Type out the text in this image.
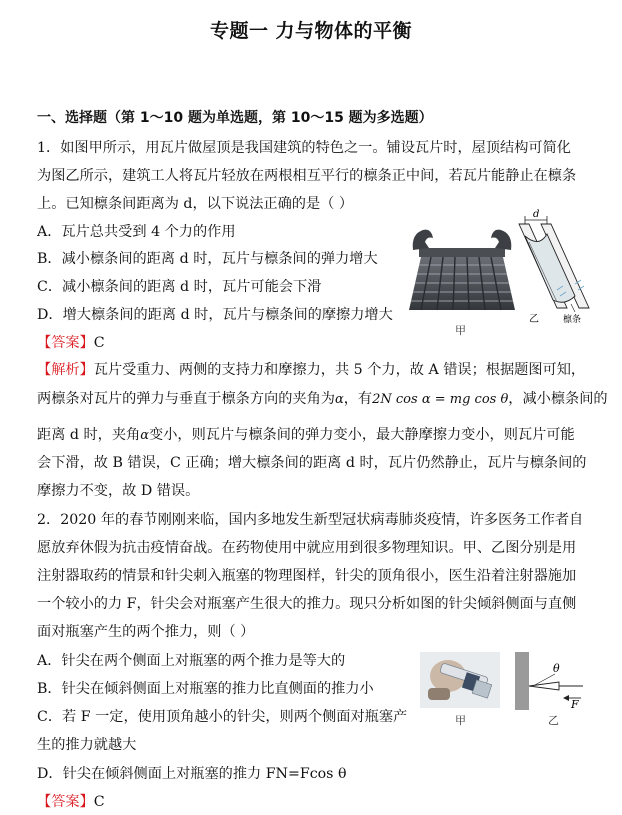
专题一 力与物体的平衡
一、选择题（第 1～10 题为单选题，第 10～15 题为多选题）
1．如图甲所示，用瓦片做屋顶是我国建筑的特色之一。铺设瓦片时，屋顶结构可简化
为图乙所示，建筑工人将瓦片轻放在两根相互平行的檩条正中间，若瓦片能静止在檩条
上。已知檩条间距离为 d，以下说法正确的是（ ）
A．瓦片总共受到 4 个力的作用
B．减小檩条间的距离 d 时，瓦片与檩条间的弹力增大
C．减小檩条间的距离 d 时，瓦片可能会下滑
D．增大檩条间的距离 d 时，瓦片与檩条间的摩擦力增大
甲
d
乙	檩条
【答案】C
【解析】瓦片受重力、两侧的支持力和摩擦力，共 5 个力，故 A 错误；根据题图可知，
两檩条对瓦片的弹力与垂直于檩条方向的夹角为α，有2N cos α = mg cos θ，减小檩条间的
距离 d 时，夹角α变小，则瓦片与檩条间的弹力变小，最大静摩擦力变小，则瓦片可能
会下滑，故 B 错误，C 正确；增大檩条间的距离 d 时，瓦片仍然静止，瓦片与檩条间的
摩擦力不变，故 D 错误。
2．2020 年的春节刚刚来临，国内多地发生新型冠状病毒肺炎疫情，许多医务工作者自
愿放弃休假为抗击疫情奋战。在药物使用中就应用到很多物理知识。甲、乙图分别是用
注射器取药的情景和针尖刺入瓶塞的物理图样，针尖的顶角很小，医生沿着注射器施加
一个较小的力 F，针尖会对瓶塞产生很大的推力。现只分析如图的针尖倾斜侧面与直侧
面对瓶塞产生的两个推力，则（ ）
A．针尖在两个侧面上对瓶塞的两个推力是等大的
B．针尖在倾斜侧面上对瓶塞的推力比直侧面的推力小
C．若 F 一定，使用顶角越小的针尖，则两个侧面对瓶塞产
生的推力就越大
D．针尖在倾斜侧面上对瓶塞的推力 FN=Fcos θ
甲
θ
F
乙
【答案】C
